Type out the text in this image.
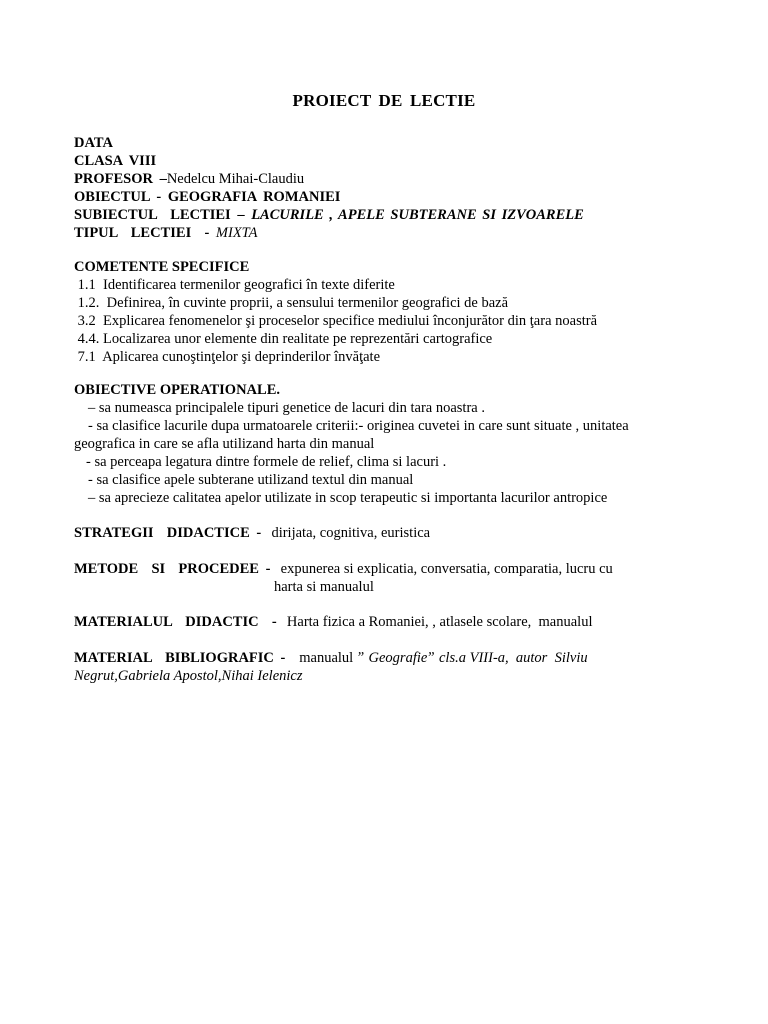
PROIECT DE LECTIE
DATA
CLASA VIII
PROFESOR –Nedelcu Mihai-Claudiu
OBIECTUL - GEOGRAFIA ROMANIEI
SUBIECTUL  LECTIEI – LACURILE , APELE SUBTERANE SI IZVOARELE
TIPUL  LECTIEI  - MIXTA
COMETENTE SPECIFICE
1.1  Identificarea termenilor geografici în texte diferite
1.2.  Definirea, în cuvinte proprii, a sensului termenilor geografici de bază
3.2  Explicarea fenomenelor şi proceselor specifice mediului înconjurător din ţara noastră
4.4. Localizarea unor elemente din realitate pe reprezentări cartografice
7.1  Aplicarea cunoştinţelor şi deprinderilor învăţate
OBIECTIVE OPERATIONALE.
– sa numeasca principalele tipuri genetice de lacuri din tara noastra .
- sa clasifice lacurile dupa urmatoarele criterii:- originea cuvetei in care sunt situate , unitatea
geografica in care se afla utilizand harta din manual
- sa perceapa legatura dintre formele de relief, clima si lacuri .
- sa clasifice apele subterane utilizand textul din manual
– sa aprecieze calitatea apelor utilizate in scop terapeutic si importanta lacurilor antropice
STRATEGII  DIDACTICE -  dirijata, cognitiva, euristica
METODE  SI  PROCEDEE -  expunerea si explicatia, conversatia, comparatia, lucru cu
harta si manualul
MATERIALUL  DIDACTIC  -  Harta fizica a Romaniei, , atlasele scolare,  manualul
MATERIAL  BIBLIOGRAFIC -   manualul ˮ Geografieˮ cls.a VIII-a,  autor  Silviu
Negrut,Gabriela Apostol,Nihai Ielenicz
